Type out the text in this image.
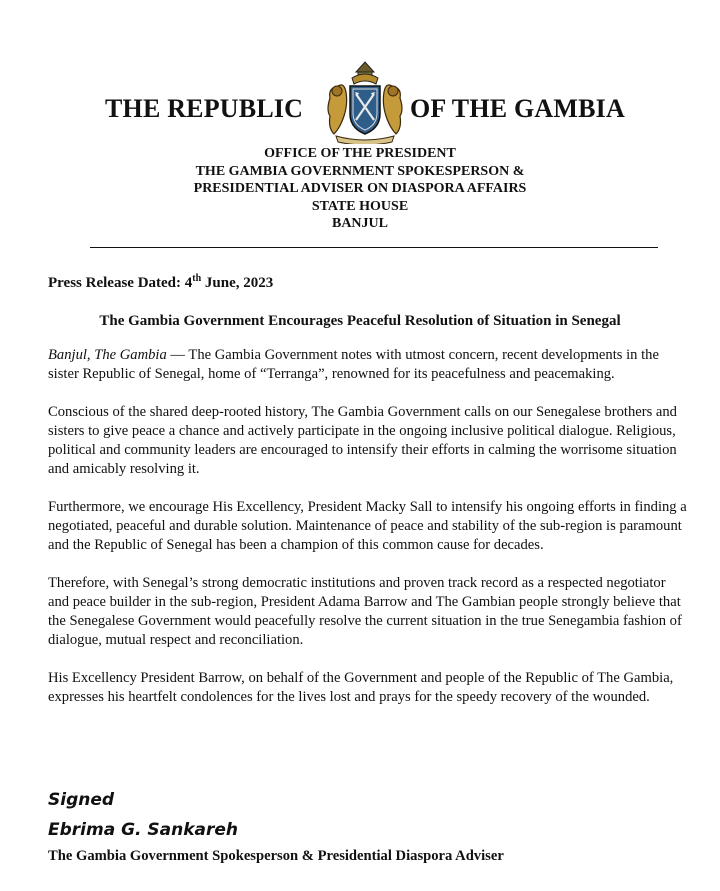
THE REPUBLIC	OF THE GAMBIA
OFFICE OF THE PRESIDENT
THE GAMBIA GOVERNMENT SPOKESPERSON &
PRESIDENTIAL ADVISER ON DIASPORA AFFAIRS
STATE HOUSE
BANJUL
Press Release Dated: 4th June, 2023
The Gambia Government Encourages Peaceful Resolution of Situation in Senegal

Banjul, The Gambia — The Gambia Government notes with utmost concern, recent developments in the sister Republic of Senegal, home of “Terranga”, renowned for its peacefulness and peacemaking.

Conscious of the shared deep-rooted history, The Gambia Government calls on our Senegalese brothers and sisters to give peace a chance and actively participate in the ongoing inclusive political dialogue. Religious, political and community leaders are encouraged to intensify their efforts in calming the worrisome situation and amicably resolving it.

Furthermore, we encourage His Excellency, President Macky Sall to intensify his ongoing efforts in finding a negotiated, peaceful and durable solution. Maintenance of peace and stability of the sub-region is paramount and the Republic of Senegal has been a champion of this common cause for decades.

Therefore, with Senegal’s strong democratic institutions and proven track record as a respected negotiator and peace builder in the sub-region, President Adama Barrow and The Gambian people strongly believe that the Senegalese Government would peacefully resolve the current situation in the true Senegambia fashion of dialogue, mutual respect and reconciliation.

His Excellency President Barrow, on behalf of the Government and people of the Republic of The Gambia, expresses his heartfelt condolences for the lives lost and prays for the speedy recovery of the wounded.

Signed
Ebrima G. Sankareh
The Gambia Government Spokesperson & Presidential Diaspora Adviser
